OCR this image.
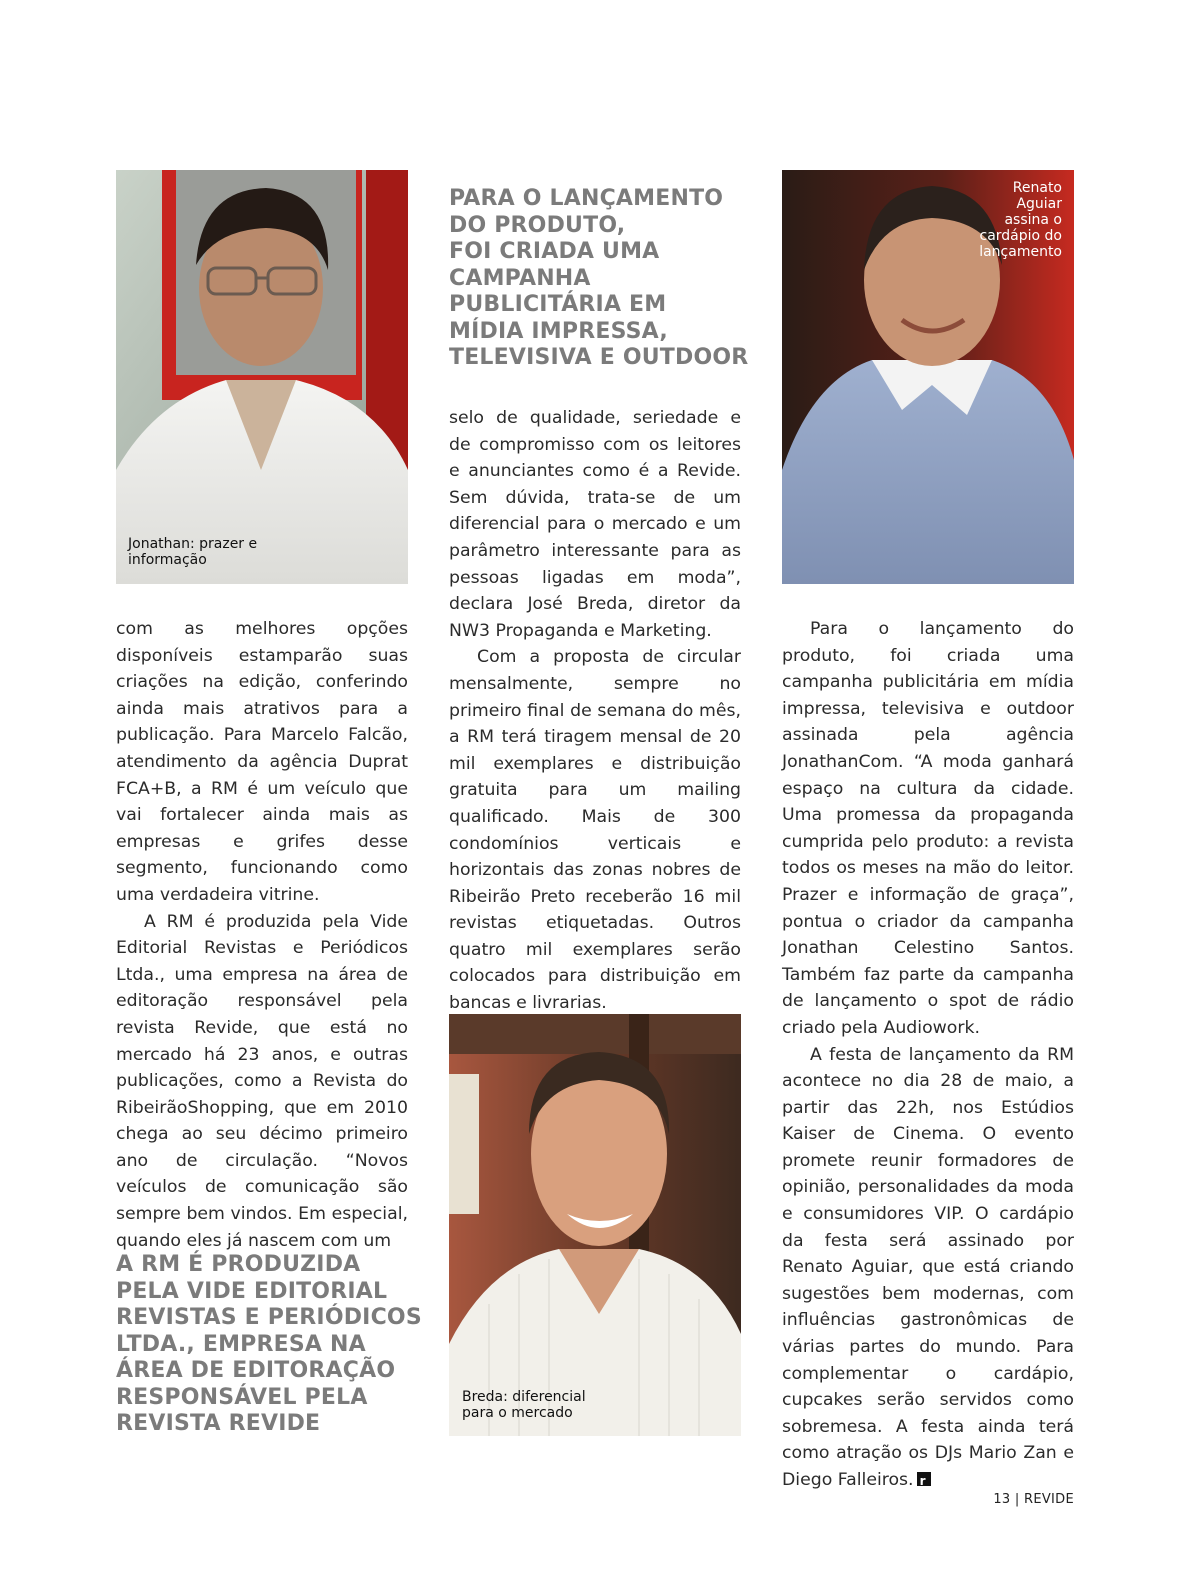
Jonathan: prazer e
informação
Renato
Aguiar
assina o
cardápio do
lançamento
Breda: diferencial
para o mercado
PARA O LANÇAMENTO
DO PRODUTO,
FOI CRIADA UMA
CAMPANHA
PUBLICITÁRIA EM
MÍDIA IMPRESSA,
TELEVISIVA E OUTDOOR

com as melhores opções disponíveis estamparão suas criações na edição, conferindo ainda mais atrativos para a publicação. Para Marcelo Falcão, atendimento da agência Duprat FCA+B, a RM é um veículo que vai fortalecer ainda mais as empresas e grifes desse segmento, funcionando como uma verdadeira vitrine.

A RM é produzida pela Vide Editorial Revistas e Periódicos Ltda., uma empresa na área de editoração responsável pela revista Revide, que está no mercado há 23 anos, e outras publicações, como a Revista do RibeirãoShopping, que em 2010 chega ao seu décimo primeiro ano de circulação. “Novos veículos de comunicação são sempre bem vindos. Em especial, quando eles já nascem com um

A RM É PRODUZIDA
PELA VIDE EDITORIAL
REVISTAS E PERIÓDICOS
LTDA., EMPRESA NA
ÁREA DE EDITORAÇÃO
RESPONSÁVEL PELA
REVISTA REVIDE

selo de qualidade, seriedade e de compromisso com os leitores e anunciantes como é a Revide. Sem dúvida, trata-se de um diferencial para o mercado e um parâmetro interessante para as pessoas ligadas em moda”, declara José Breda, diretor da NW3 Propaganda e Marketing.

Com a proposta de circular mensalmente, sempre no primeiro final de semana do mês, a RM terá tiragem mensal de 20 mil exemplares e distribuição gratuita para um mailing qualificado. Mais de 300 condomínios verticais e horizontais das zonas nobres de Ribeirão Preto receberão 16 mil revistas etiquetadas. Outros quatro mil exemplares serão colocados para distribuição em bancas e livrarias.

Para o lançamento do produto, foi criada uma campanha publicitária em mídia impressa, televisiva e outdoor assinada pela agência JonathanCom. “A moda ganhará espaço na cultura da cidade. Uma promessa da propaganda cumprida pelo produto: a revista todos os meses na mão do leitor. Prazer e informação de graça”, pontua o criador da campanha Jonathan Celestino Santos. Também faz parte da campanha de lançamento o spot de rádio criado pela Audiowork.

A festa de lançamento da RM acontece no dia 28 de maio, a partir das 22h, nos Estúdios Kaiser de Cinema. O evento promete reunir formadores de opinião, personalidades da moda e consumidores VIP. O cardápio da festa será assinado por Renato Aguiar, que está criando sugestões bem modernas, com influências gastronômicas de várias partes do mundo. Para complementar o cardápio, cupcakes serão servidos como sobremesa. A festa ainda terá como atração os DJs Mario Zan e Diego Falleiros.r

13 | REVIDE
